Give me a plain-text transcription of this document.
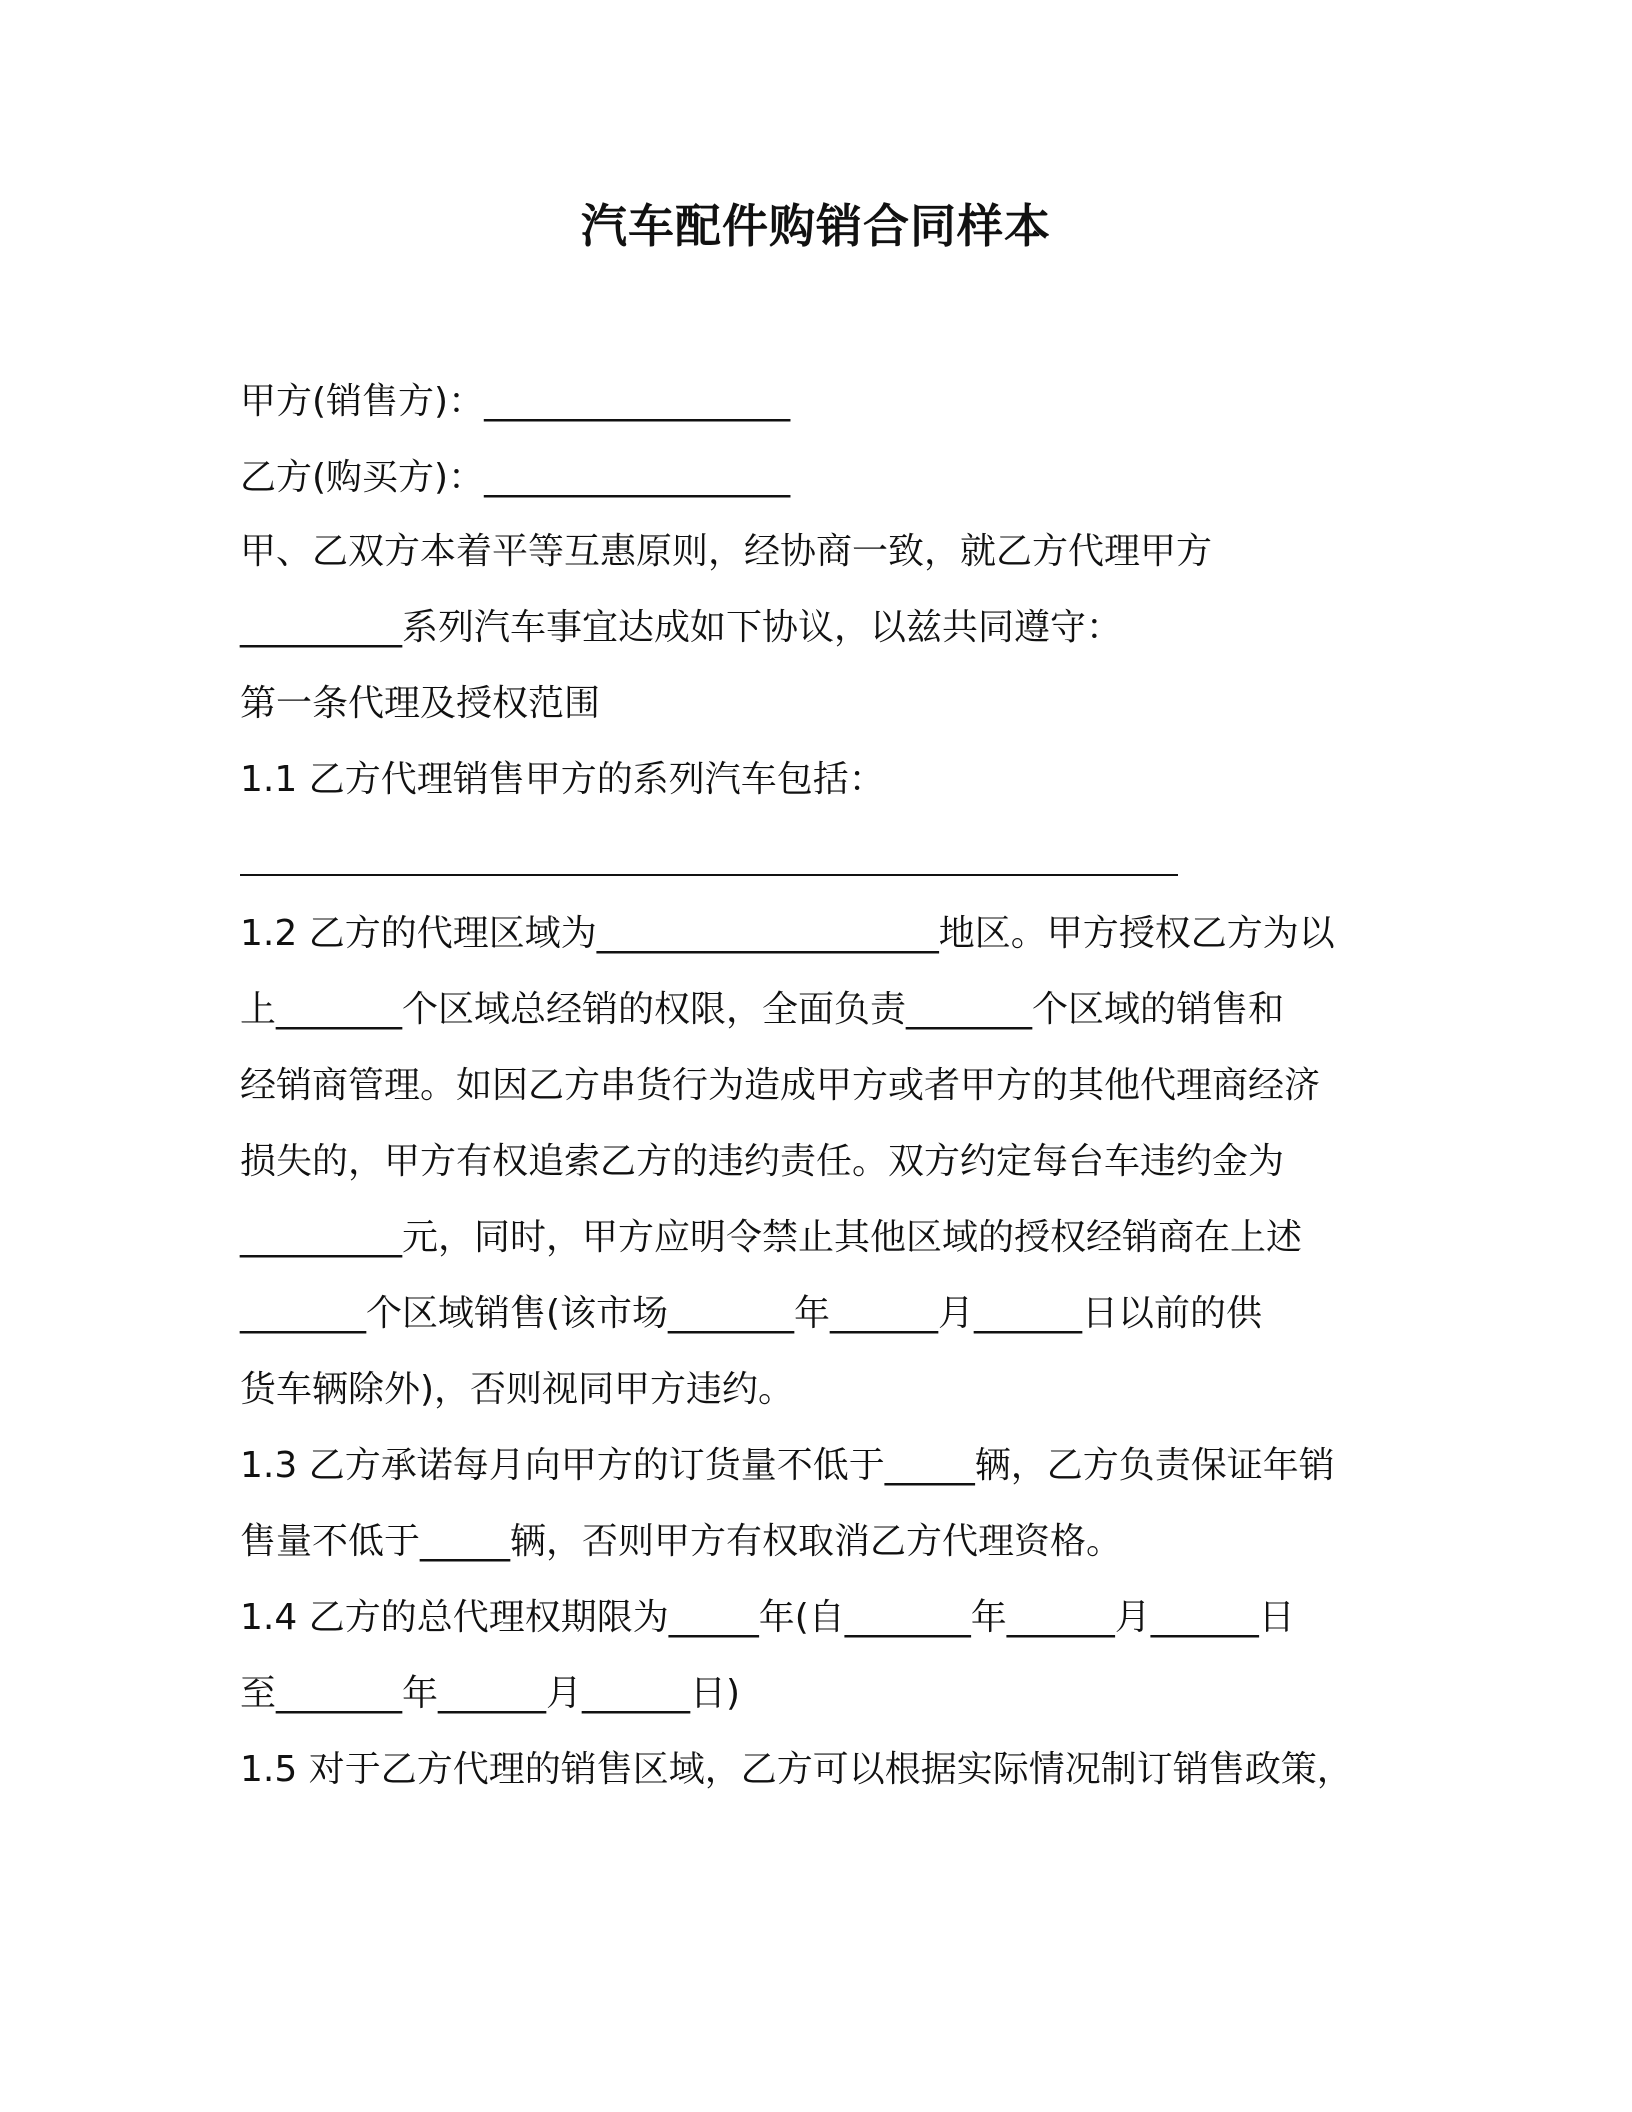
汽车配件购销合同样本
甲方(销售方)：_________________
乙方(购买方)：_________________
甲、乙双方本着平等互惠原则，经协商一致，就乙方代理甲方
_________系列汽车事宜达成如下协议，以兹共同遵守：
第一条代理及授权范围
1.1 乙方代理销售甲方的系列汽车包括：
1.2 乙方的代理区域为___________________地区。甲方授权乙方为以
上_______个区域总经销的权限，全面负责_______个区域的销售和
经销商管理。如因乙方串货行为造成甲方或者甲方的其他代理商经济
损失的，甲方有权追索乙方的违约责任。双方约定每台车违约金为
_________元，同时，甲方应明令禁止其他区域的授权经销商在上述
_______个区域销售(该市场_______年______月______日以前的供
货车辆除外)，否则视同甲方违约。
1.3 乙方承诺每月向甲方的订货量不低于_____辆，乙方负责保证年销
售量不低于_____辆，否则甲方有权取消乙方代理资格。
1.4 乙方的总代理权期限为_____年(自_______年______月______日
至_______年______月______日)
1.5 对于乙方代理的销售区域，乙方可以根据实际情况制订销售政策，
